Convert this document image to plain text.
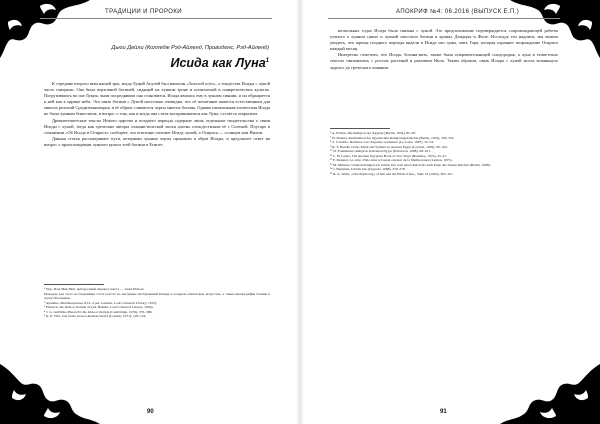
ТРАДИЦИИ И ПРОРОКИ
Дьюи Дейли (Колледж Рэд-Айленд, Провиденс, Рэд-Айленд)
Исида как Луна$^1$

К середине второго века нашей эры, когда Луций Апулей был написан «Золотой осёл», о тождестве Исиды с луной часто говорили. Она была верховной богиней, сидящей на лунном троне и почитаемой в синкретических культах. Погрузившись во сне Луция, чьим посредником она становится, Исида явилась ему в лунном сиянии, и он обращается к ней как к царице неба. Эта связь богини с Луной настолько очевидна, что её почитание кажется естественным для многих религий Средиземноморья; в её образе сливаются черты многих богинь. Однако изначальная египетская Исида не была лунным божеством, и вопрос о том, как и когда она стала восприниматься как Луна, остаётся открытым.

Древнеегипетские тексты Нового царства и позднего периода содержат лишь отдельные свидетельства о связи Исиды с луной, тогда как греческие авторы эллинистической эпохи охотно отождествляли её с Селеной. Плутарх в сочинении «Об Исиде и Осирисе» сообщает, что египтяне считают Исиду луной, а Осириса — солнцем или Нилом.

Данная статья рассматривает пути, которыми лунные черты проникли в образ Исиды, и предлагает ответ на вопрос о происхождении лунного культа этой богини в Египте.

¹ Пер. Dale Muir Bell, выборочный перевод текста — Anna Elmore.

Поводом для этого исследования стала работа по изучению изображений Исиды в позднем египетском искусстве, а также иконография богини в эпоху Птолемеев.

² Apuleius, Metamorphoses XI.3–4 (ed. Gaselee, Loeb Classical Library, 1915).

³ Plutarch, De Iside et Osiride 52 (ed. Babbitt, Loeb Classical Library, 1936).

⁴ J. G. Griffiths, Plutarch’s De Iside et Osiride (Cambridge, 1970), 376–380.

⁵ R. E. Witt, Isis in the Graeco-Roman World (London, 1971), 120–124.

90
АПОКРИФ №4: 06.2016 (ВЫПУСК Е.П.)

нескольких годах Исида была связана с луной. Это предположение подтверждается сопровождающей работы ученого о лунном цикле и лунной ипостаси богини в храмах Дендеры и Филе. Исследуя эти надписи, мы можем увидеть, что жрецы позднего периода видели в Исиде око луны, мать Гора, которая охраняет возрождение Осириса каждый месяц.

Интересно отметить, что Исида, богиня-мать, также была покровительницей плодородия, а луна в египетских текстах связывалась с ростом растений и разливом Нила. Таким образом, связь Исиды с луной могла возникнуть задолго до греческого влияния.

⁶ A. Erman, Die Religion der Ägypter (Berlin, 1934), 85–87.

⁷ H. Bonnet, Reallexikon der ägyptischen Religionsgeschichte (Berlin, 1952), 326–332.

⁸ S. Cauville, Dendara: Les chapelles osiriennes (Le Caire, 1997), 52–54.

⁹ R. T. Rundle Clark, Myth and Symbol in Ancient Egypt (London, 1959), 99–104.

¹⁰ D. Frankfurter, Religion in Roman Egypt (Princeton, 1998), 98–101.

¹¹ L. H. Lesko, The Ancient Egyptian Book of Two Ways (Berkeley, 1972), 45–47.

¹² F. Dunand, Le culte d’Isis dans le bassin oriental de la Méditerranée (Leiden, 1973).

¹³ M. Münster, Untersuchungen zur Göttin Isis vom Alten Reich bis zum Ende des Neuen Reiches (Berlin, 1968).

¹⁴ J. Bergman, Ich bin Isis (Uppsala, 1968), 270–278.

¹⁵ R. A. Wells, «The Mythology of Nut and the Birth of Ra», SAK 19 (1992), 305–321.

91
